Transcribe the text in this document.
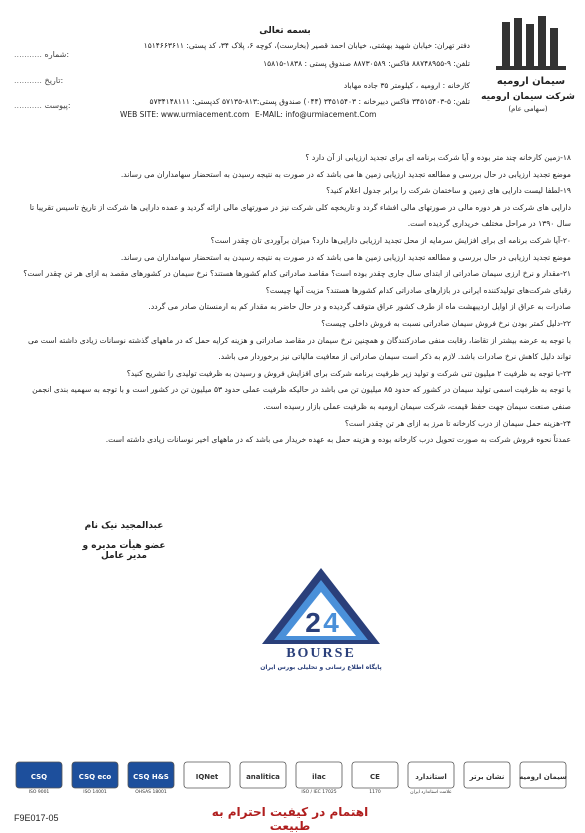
بسمه تعالی
سیمان ارومیه
شرکت سیمان ارومیه
(سهامی عام)
دفتر تهران: خیابان شهید بهشتی، خیابان احمد قصیر (بخارست)، کوچه ۶، پلاک ۳۴، کد پستی: ۱۵۱۴۶۶۳۶۱۱
تلفن: ۹-۸۸۷۴۸۹۵۵ فاکس: ۸۸۷۳۰۵۸۹ صندوق پستی : ۱۸۳۸-۱۵۸۱۵
کارخانه : ارومیه ، کیلومتر ۳۵ جاده مهاباد
تلفن: ۵-۳۴۵۱۵۴۰۳ فاکس دبیرخانه : ۳۴۵۱۵۴۰۳ (۰۴۴) صندوق پستی:۸۱۳-۵۷۱۳۵ کدپستی: ۵۷۳۴۱۴۸۱۱۱
WEB SITE: www.urmiacement.com E-MAIL: info@urmiacement.Com
........... شماره:
........... تاریخ:
........... پیوست:

۱۸-زمین کارخانه چند متر بوده و آیا شرکت برنامه ای برای تجدید ارزیابی از آن دارد ؟

موضع تجدید ارزیابی در حال بررسی و مطالعه تجدید ارزیابی زمین ها می باشد که در صورت به نتیجه رسیدن به استحضار سهامداران می رساند.

۱۹-لطفا لیست دارایی های زمین و ساختمان شرکت را برابر جدول اعلام کنید؟

دارایی های شرکت در هر دوره مالی در صورتهای مالی افشاء گردد و تاریخچه کلی شرکت نیز در صورتهای مالی ارائه گردید و عمده دارایی ها شرکت از تاریخ تاسیس تقریبا تا سال ۱۳۹۰ در مراحل مختلف خریداری گردیده است.

۲۰-آیا شرکت برنامه ای برای افزایش سرمایه از محل تجدید ارزیابی دارایی‌ها دارد؟ میزان برآوردی تان چقدر است؟

موضع تجدید ارزیابی در حال بررسی و مطالعه تجدید ارزیابی زمین ها می باشد که در صورت به نتیجه رسیدن به استحضار سهامداران می رساند.

۲۱-مقدار و نرخ ارزی سیمان صادراتی از ابتدای سال جاری چقدر بوده است؟ مقاصد صادراتی کدام کشورها هستند؟ نرخ سیمان در کشورهای مقصد به ازای هر تن چقدر است؟ رقبای شرکت‌های تولیدکننده ایرانی در بازارهای صادراتی کدام کشورها هستند؟ مزیت آنها چیست؟

صادرات به عراق از اوایل اردیبهشت ماه از طرف کشور عراق متوقف گردیده و در حال حاضر به مقدار کم به ارمنستان صادر می گردد.

۲۲-دلیل کمتر بودن نرخ فروش سیمان صادراتی نسبت به فروش داخلی چیست؟

با توجه به عرضه بیشتر از تقاضا، رقابت منفی صادرکنندگان و همچنین نرخ سیمان در مقاصد صادراتی و هزینه کرایه حمل که در ماههای گذشته نوسانات زیادی داشته است می تواند دلیل کاهش نرخ صادرات باشد. لازم به ذکر است سیمان صادراتی از معافیت مالیاتی نیز برخوردار می باشد.

۲۳-با توجه به ظرفیت ۲ میلیون تنی شرکت و تولید زیر ظرفیت برنامه شرکت برای افزایش فروش و رسیدن به ظرفیت تولیدی را تشریح کنید؟

با توجه به ظرفیت اسمی تولید سیمان در کشور که حدود ۸۵ میلیون تن می باشد در حالیکه ظرفیت عملی حدود ۵۳ میلیون تن در کشور است و با توجه به سهمیه بندی انجمن صنفی صنعت سیمان جهت حفظ قیمت، شرکت سیمان ارومیه به ظرفیت عملی بازار رسیده است.

۲۴-هزینه حمل سیمان از درب کارخانه تا مرز به ازای هر تن چقدر است؟

عمدتاً نحوه فروش شرکت به صورت تحویل درب کارخانه بوده و هزینه حمل به عهده خریدار می باشد که در ماههای اخیر نوسانات زیادی داشته است.

عبدالمجید نیک نام
عضو هیأت مدیره و مدیر عامل
2 4
BOURSE
پایگاه اطلاع رسانی و تحلیلی بورس ایران
CSQ
ISO 9001
CSQ eco
ISO 14001
CSQ H&S
OHSAS 18001
IQNet	analitica	ilac
ISO / IEC 17025
CE
1170
استاندارد
علامت استاندارد ایران
نشان برتر سیمان ارومیه
اهتمام در کیفیت احترام به طبیعت
F9E017-05
